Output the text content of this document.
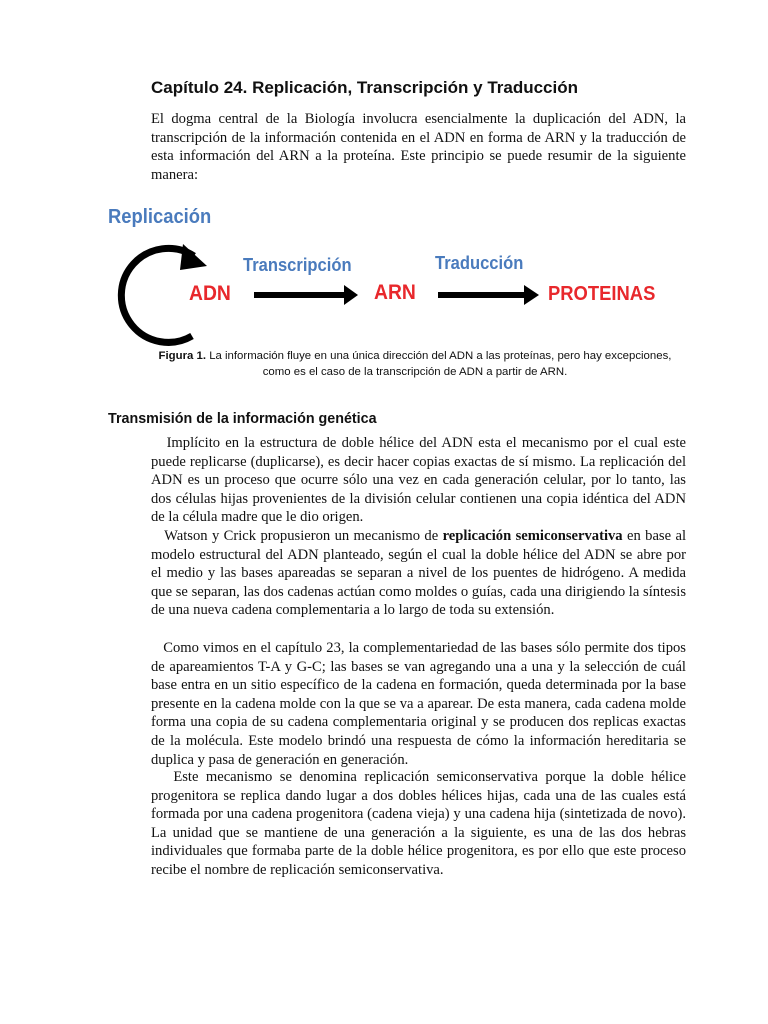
Capítulo 24. Replicación, Transcripción y Traducción

El dogma central de la Biología involucra esencialmente la duplicación del ADN, la transcripción de la información contenida en el ADN en forma de ARN y la traducción de esta información del ARN a la proteína. Este principio se puede resumir de la siguiente manera:

Replicación
Transcripción	Traducción
ADN	ARN	PROTEINAS

Figura 1. La información fluye en una única dirección del ADN a las proteínas, pero hay excepciones, como es el caso de la transcripción de ADN a partir de ARN.

Transmisión de la información genética

Implícito en la estructura de doble hélice del ADN esta el mecanismo por el cual este puede replicarse (duplicarse), es decir hacer copias exactas de sí mismo. La replicación del ADN es un proceso que ocurre sólo una vez en cada generación celular, por lo tanto, las dos células hijas provenientes de la división celular contienen una copia idéntica del ADN de la célula madre que le dio origen.

Watson y Crick propusieron un mecanismo de replicación semiconservativa en base al modelo estructural del ADN planteado, según el cual la doble hélice del ADN se abre por el medio y las bases apareadas se separan a nivel de los puentes de hidrógeno. A medida que se separan, las dos cadenas actúan como moldes o guías, cada una dirigiendo la síntesis de una nueva cadena complementaria a lo largo de toda su extensión.

Como vimos en el capítulo 23, la complementariedad de las bases sólo permite dos tipos de apareamientos T-A y G-C; las bases se van agregando una a una y la selección de cuál base entra en un sitio específico de la cadena en formación, queda determinada por la base presente en la cadena molde con la que se va a aparear. De esta manera, cada cadena molde forma una copia de su cadena complementaria original y se producen dos replicas exactas de la molécula. Este modelo brindó una respuesta de cómo la información hereditaria se duplica y pasa de generación en generación.

Este mecanismo se denomina replicación semiconservativa porque la doble hélice progenitora se replica dando lugar a dos dobles hélices hijas, cada una de las cuales está formada por una cadena progenitora (cadena vieja) y una cadena hija (sintetizada de novo). La unidad que se mantiene de una generación a la siguiente, es una de las dos hebras individuales que formaba parte de la doble hélice progenitora, es por ello que este proceso recibe el nombre de replicación semiconservativa.
